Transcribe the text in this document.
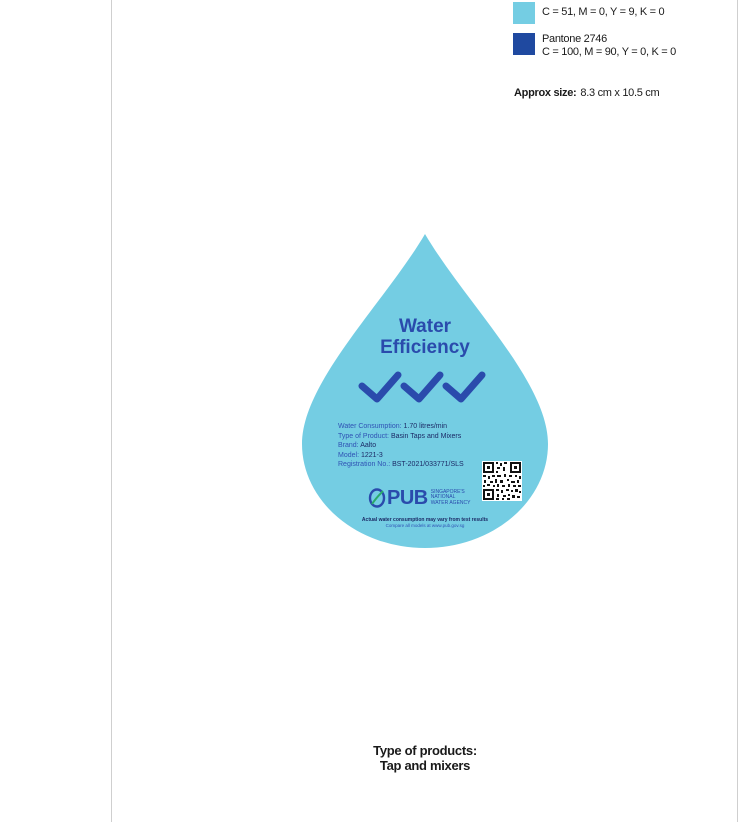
C = 51, M = 0, Y = 9, K = 0
Pantone 2746
C = 100, M = 90, Y = 0, K = 0
Approx size: 8.3 cm x 10.5 cm
Water
Efficiency
Water Consumption: 1.70 litres/min
Type of Product: Basin Taps and Mixers
Brand: Aalto
Model: 1221-3
Registration No.: BST-2021/033771/SLS
PUB SINGAPORE'S
NATIONAL
WATER AGENCY
Actual water consumption may vary from test results
Compare all models at www.pub.gov.sg
Type of products:
Tap and mixers
